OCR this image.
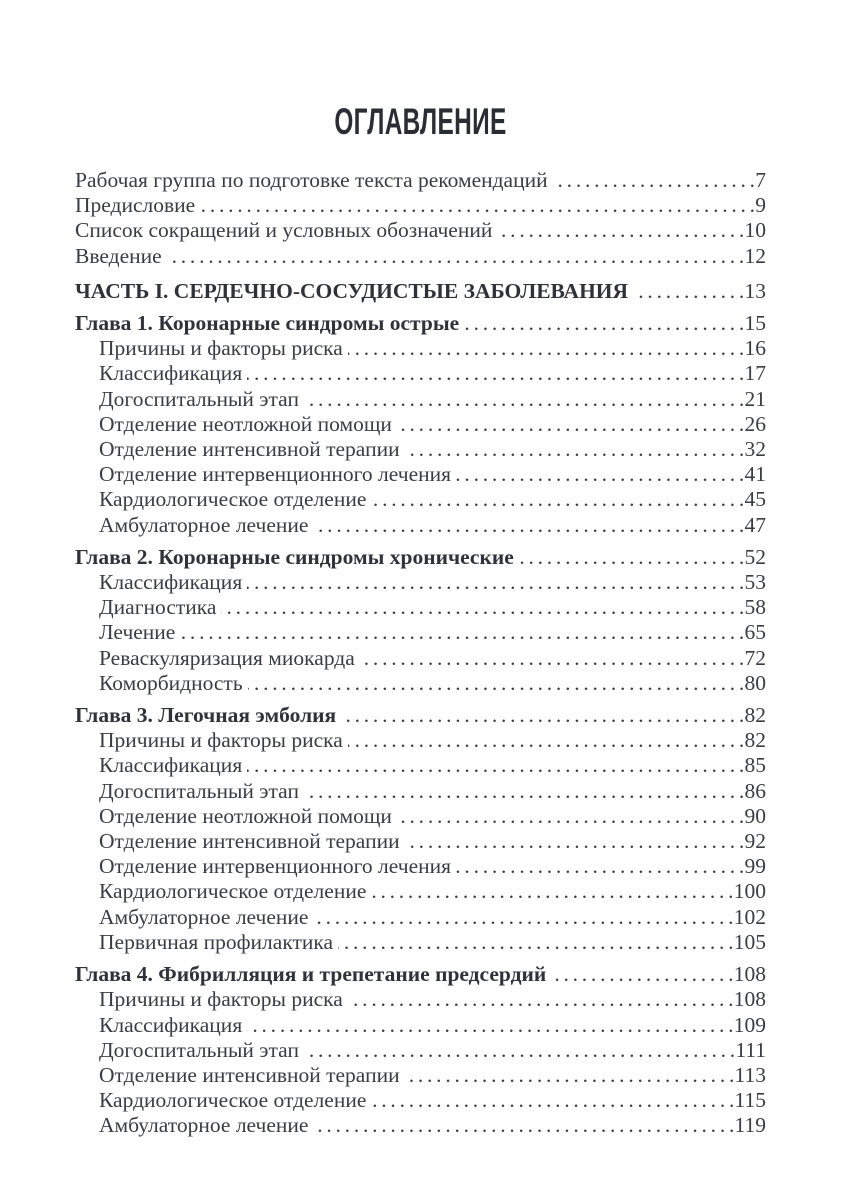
ОГЛАВЛЕНИЕ
Рабочая группа по подготовке текста рекомендаций . . .	7
Предисловие . . .	9
Список сокращений и условных обозначений . . .	10
Введение . . .	12
ЧАСТЬ I. СЕРДЕЧНО-СОСУДИСТЫЕ ЗАБОЛЕВАНИЯ . . .	13
Глава 1. Коронарные синдромы острые . . .	15
Причины и факторы риска . . .	16
Классификация . . .	17
Догоспитальный этап . . .	21
Отделение неотложной помощи . . .	26
Отделение интенсивной терапии . . .	32
Отделение интервенционного лечения . . .	41
Кардиологическое отделение . . .	45
Амбулаторное лечение . . .	47
Глава 2. Коронарные синдромы хронические . . .	52
Классификация . . .	53
Диагностика . . .	58
Лечение . . .	65
Реваскуляризация миокарда . . .	72
Коморбидность . . .	80
Глава 3. Легочная эмболия . . .	82
Причины и факторы риска . . .	82
Классификация . . .	85
Догоспитальный этап . . .	86
Отделение неотложной помощи . . .	90
Отделение интенсивной терапии . . .	92
Отделение интервенционного лечения . . .	99
Кардиологическое отделение . . .	100
Амбулаторное лечение . . .	102
Первичная профилактика . . .	105
Глава 4. Фибрилляция и трепетание предсердий . . .	108
Причины и факторы риска . . .	108
Классификация . . .	109
Догоспитальный этап . . .	111
Отделение интенсивной терапии . . .	113
Кардиологическое отделение . . .	115
Амбулаторное лечение . . .	119
